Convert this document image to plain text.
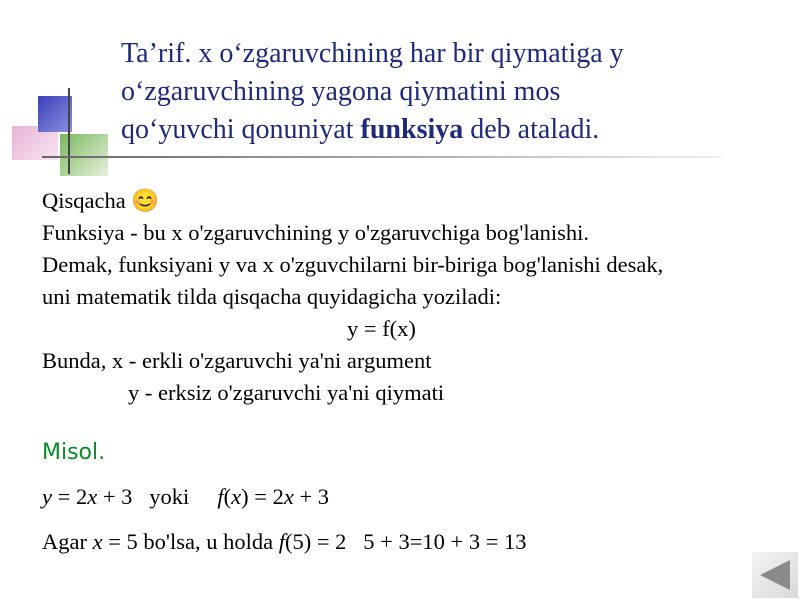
Ta’rif. x o‘zgaruvchining har bir qiymatiga y
o‘zgaruvchining yagona qiymatini mos
qo‘yuvchi qonuniyat funksiya deb ataladi.
Qisqacha 😊
Funksiya - bu x o'zgaruvchining y o'zgaruvchiga bog'lanishi.
Demak, funksiyani y va x o'zguvchilarni bir-biriga bog'lanishi desak,
uni matematik tilda qisqacha quyidagicha yoziladi:
y = f(x)
Bunda, x - erkli o'zgaruvchi ya'ni argument
y - erksiz o'zgaruvchi ya'ni qiymati
Misol.
y = 2x + 3   yoki     f(x) = 2x + 3
Agar x = 5 bo'lsa, u holda f(5) = 2   5 + 3=10 + 3 = 13
